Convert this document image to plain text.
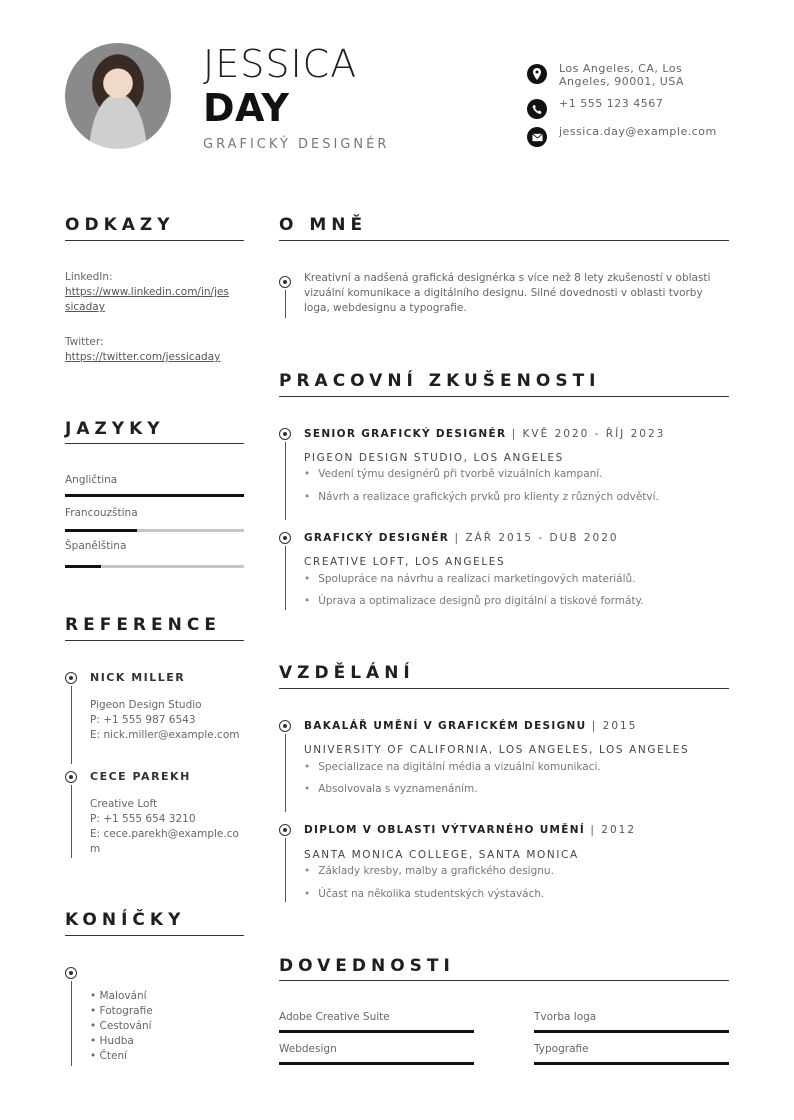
JESSICA
DAY
GRAFICKÝ DESIGNÉR
Los Angeles, CA, Los
Angeles, 90001, USA
+1 555 123 4567
jessica.day@example.com
ODKAZY
LinkedIn:
https://www.linkedin.com/in/jes
sicaday
Twitter:
https://twitter.com/jessicaday
JAZYKY
Angličtina
Francouzština
Španělština
REFERENCE
NICK MILLER
Pigeon Design Studio
P: +1 555 987 6543
E: nick.miller@example.com
CECE PAREKH
Creative Loft
P: +1 555 654 3210
E: cece.parekh@example.co
m
KONÍČKY
• Malování
• Fotografie
• Cestování
• Hudba
• Čtení
O MNĚ
Kreativní a nadšená grafická designérka s více než 8 lety zkušeností v oblasti
vizuální komunikace a digitálního designu. Silné dovednosti v oblasti tvorby
loga, webdesignu a typografie.
PRACOVNÍ ZKUŠENOSTI
SENIOR GRAFICKÝ DESIGNÉR | KVĚ 2020 - ŘÍJ 2023
PIGEON DESIGN STUDIO, LOS ANGELES
• Vedení týmu designérů při tvorbě vizuálních kampaní.
• Návrh a realizace grafických prvků pro klienty z různých odvětví.
GRAFICKÝ DESIGNÉR | ZÁŘ 2015 - DUB 2020
CREATIVE LOFT, LOS ANGELES
• Spolupráce na návrhu a realizaci marketingových materiálů.
• Úprava a optimalizace designů pro digitální a tiskové formáty.
VZDĚLÁNÍ
BAKALÁŘ UMĚNÍ V GRAFICKÉM DESIGNU | 2015
UNIVERSITY OF CALIFORNIA, LOS ANGELES, LOS ANGELES
• Specializace na digitální média a vizuální komunikaci.
• Absolvovala s vyznamenáním.
DIPLOM V OBLASTI VÝTVARNÉHO UMĚNÍ | 2012
SANTA MONICA COLLEGE, SANTA MONICA
• Základy kresby, malby a grafického designu.
• Účast na několika studentských výstavách.
DOVEDNOSTI
Adobe Creative Suite	Tvorba loga
Webdesign	Typografie
